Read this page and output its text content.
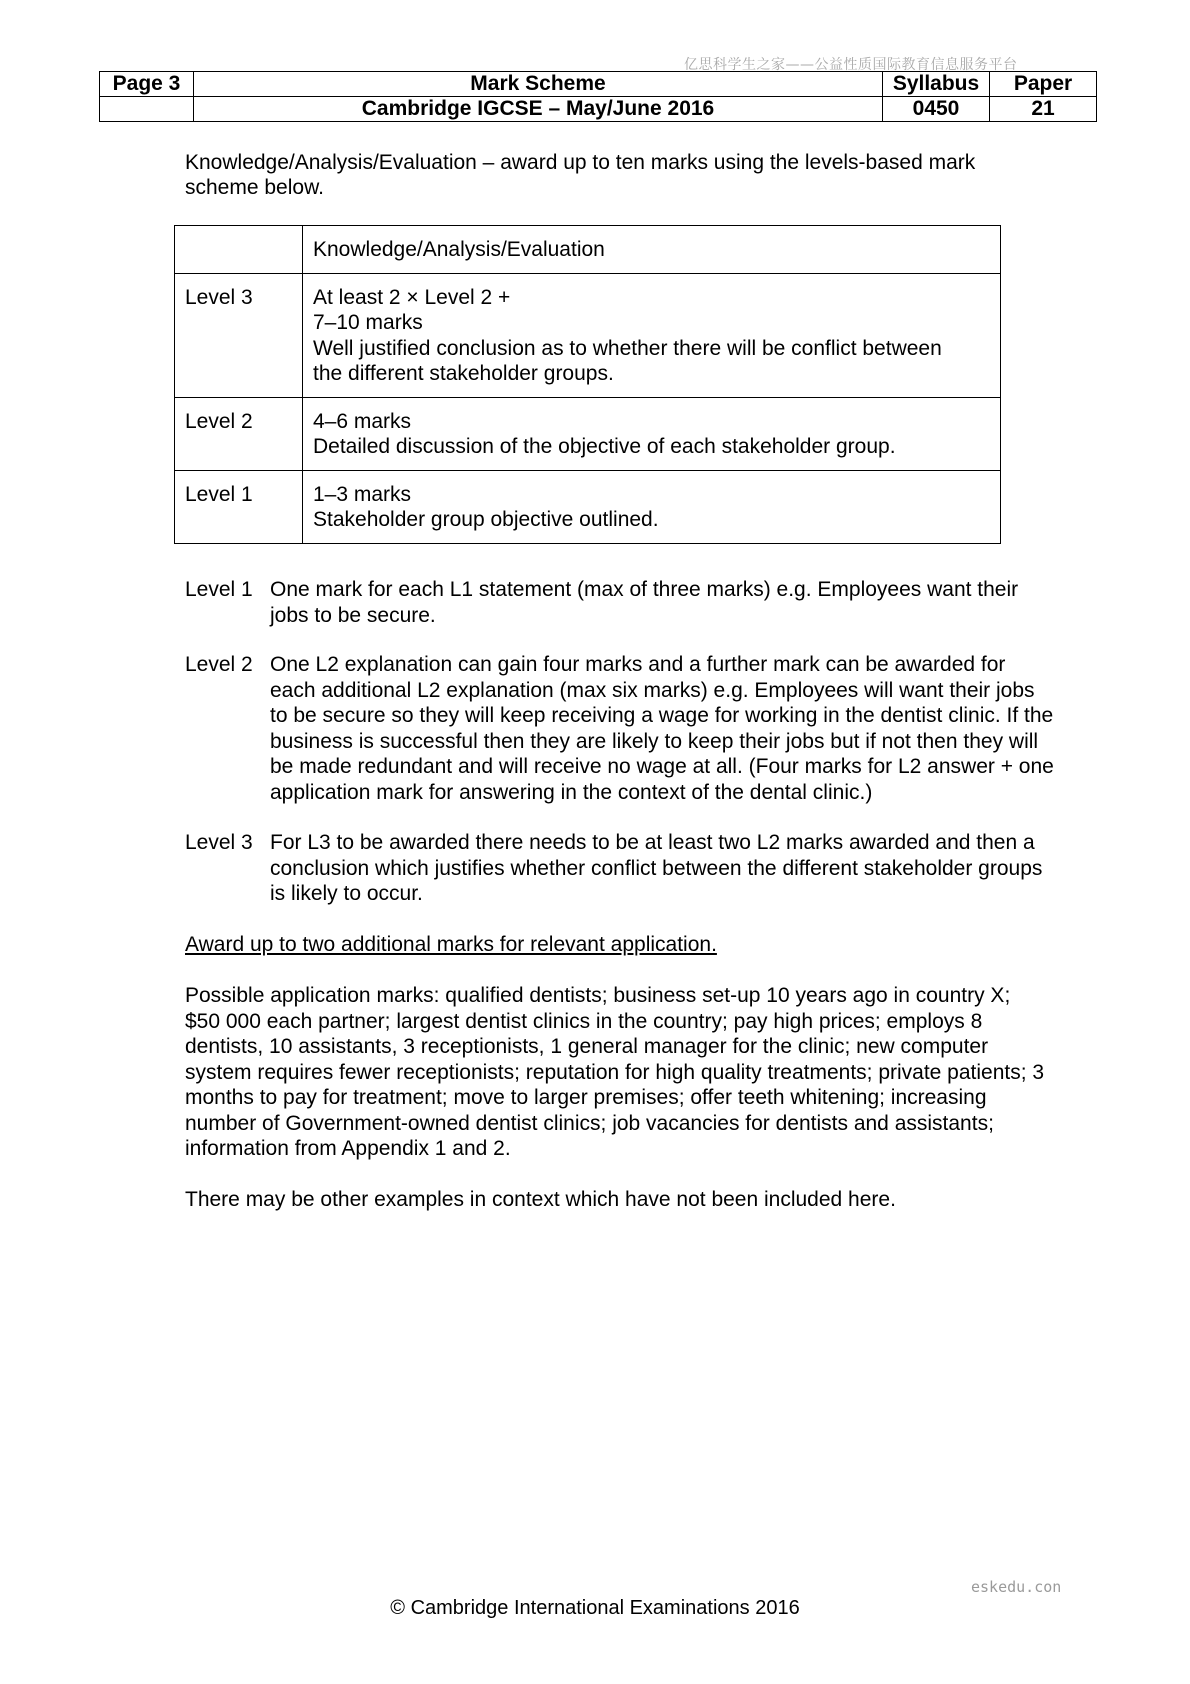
亿思科学生之家——公益性质国际教育信息服务平台
Page 3	Mark Scheme	Syllabus	Paper
	Cambridge IGCSE – May/June 2016	0450	21
Knowledge/Analysis/Evaluation – award up to ten marks using the levels-based mark
scheme below.
	Knowledge/Analysis/Evaluation
Level 3	At least 2 × Level 2 +
7–10 marks
Well justified conclusion as to whether there will be conflict between
the different stakeholder groups.

Level 2	4–6 marks
Detailed discussion of the objective of each stakeholder group.

Level 1	1–3 marks
Stakeholder group objective outlined.
Level 1 One mark for each L1 statement (max of three marks) e.g. Employees want their
jobs to be secure.
Level 2 One L2 explanation can gain four marks and a further mark can be awarded for
each additional L2 explanation (max six marks) e.g. Employees will want their jobs
to be secure so they will keep receiving a wage for working in the dentist clinic. If the
business is successful then they are likely to keep their jobs but if not then they will
be made redundant and will receive no wage at all. (Four marks for L2 answer + one
application mark for answering in the context of the dental clinic.)
Level 3 For L3 to be awarded there needs to be at least two L2 marks awarded and then a
conclusion which justifies whether conflict between the different stakeholder groups
is likely to occur.
Award up to two additional marks for relevant application.
Possible application marks: qualified dentists; business set-up 10 years ago in country X;
$50 000 each partner; largest dentist clinics in the country; pay high prices; employs 8
dentists, 10 assistants, 3 receptionists, 1 general manager for the clinic; new computer
system requires fewer receptionists; reputation for high quality treatments; private patients; 3
months to pay for treatment; move to larger premises; offer teeth whitening; increasing
number of Government-owned dentist clinics; job vacancies for dentists and assistants;
information from Appendix 1 and 2.
There may be other examples in context which have not been included here.
eskedu.con
© Cambridge International Examinations 2016
